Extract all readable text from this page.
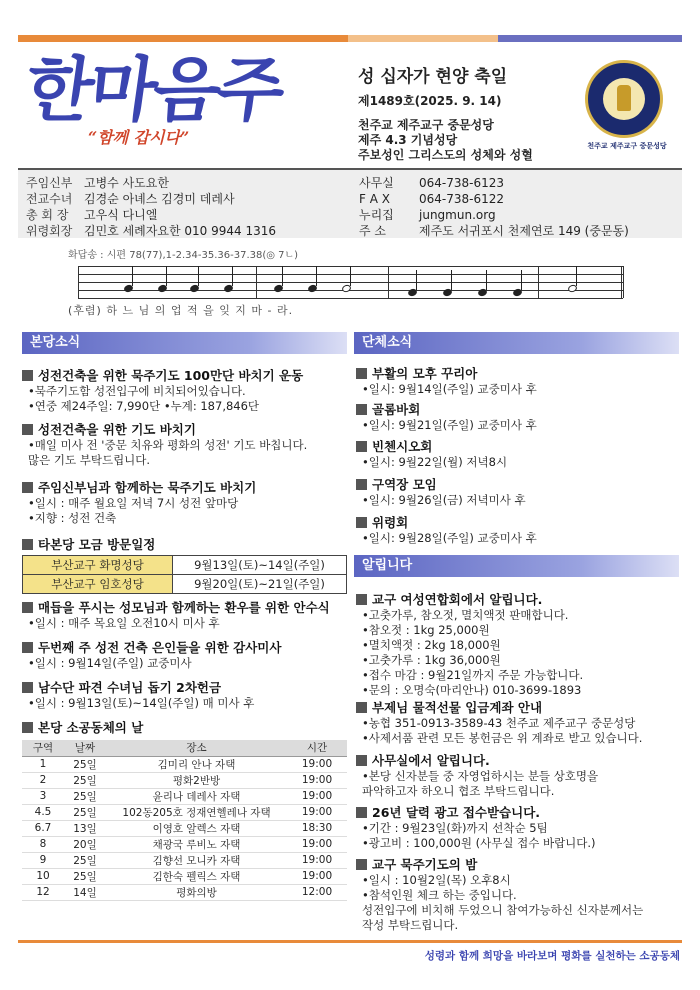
한마음주
“함께 갑시다”
성 십자가 현양 축일
제1489호(2025. 9. 14)
천주교 제주교구 중문성당
제주 4.3 기념성당
주보성인 그리스도의 성체와 성혈
천주교 제주교구 중문성당
주임신부 고병수 사도요한	사무실	064-738-6123
전교수녀 김경순 아녜스 김경미 데레사	F A X	064-738-6122
총 회 장	고우식 다니엘	누리집	jungmun.org
위령회장 김민호 세례자요한 010 9944 1316	주 소	제주도 서귀포시 천제연로 149 (중문동)
화답송 : 시편 78(77),1-2.34-35.36-37.38(◎ 7ㄴ)
(후렴) 하 느 님 의 업 적 을 잊 지 마 - 라.
본당소식
성전건축을 위한 묵주기도 100만단 바치기 운동
•묵주기도함 성전입구에 비치되어있습니다.
•연중 제24주일: 7,990단 •누계: 187,846단
성전건축을 위한 기도 바치기
•매일 미사 전 '중문 치유와 평화의 성전' 기도 바칩니다.
많은 기도 부탁드립니다.
주임신부님과 함께하는 묵주기도 바치기
•일시 : 매주 월요일 저녁 7시 성전 앞마당
•지향 : 성전 건축
타본당 모금 방문일정
부산교구 화명성당	9월13일(토)~14일(주일)
부산교구 임호성당	9월20일(토)~21일(주일)
매듭을 푸시는 성모님과 함께하는 환우를 위한 안수식
•일시 : 매주 목요일 오전10시 미사 후
두번째 주 성전 건축 은인들을 위한 감사미사
•일시 : 9월14일(주일) 교중미사
남수단 파견 수녀님 돕기 2차헌금
•일시 : 9월13일(토)~14일(주일) 매 미사 후
본당 소공동체의 날
구역	날짜	장소	시간
1	25일	김미리 안나 자택	19:00
2	25일	평화2반방	19:00
3	25일	윤리나 데레사 자택	19:00
4.5	25일	102동205호 정재연헬레나 자택	19:00
6.7	13일	이영호 알렉스 자택	18:30
8	20일	채광국 루비노 자택	19:00
9	25일	김향선 모니카 자택	19:00
10	25일	김한숙 펠릭스 자택	19:00
12	14일	평화의방	12:00
단체소식
부활의 모후 꾸리아
•일시: 9월14일(주일) 교중미사 후
골롬바회
•일시: 9월21일(주일) 교중미사 후
빈첸시오회
•일시: 9월22일(월) 저녁8시
구역장 모임
•일시: 9월26일(금) 저녁미사 후
위령회
•일시: 9월28일(주일) 교중미사 후
알립니다
교구 여성연합회에서 알립니다.
•고춧가루, 참오젓, 멸치액젓 판매합니다.
•참오젓 : 1kg 25,000원
•멸치액젓 : 2kg 18,000원
•고춧가루 : 1kg 36,000원
•접수 마감 : 9월21일까지 주문 가능합니다.
•문의 : 오명숙(마리안나) 010-3699-1893
부제님 물적선물 입금계좌 안내
•농협 351-0913-3589-43 천주교 제주교구 중문성당
•사제서품 관련 모든 봉헌금은 위 계좌로 받고 있습니다.
사무실에서 알립니다.
•본당 신자분들 중 자영업하시는 분들 상호명을
파악하고자 하오니 협조 부탁드립니다.
26년 달력 광고 접수받습니다.
•기간 : 9월23일(화)까지 선착순 5팀
•광고비 : 100,000원 (사무실 접수 바랍니다.)
교구 묵주기도의 밤
•일시 : 10월2일(목) 오후8시
•참석인원 체크 하는 중입니다.
성전입구에 비치해 두었으니 참여가능하신 신자분께서는
작성 부탁드립니다.
성령과 함께 희망을 바라보며 평화를 실천하는 소공동체
